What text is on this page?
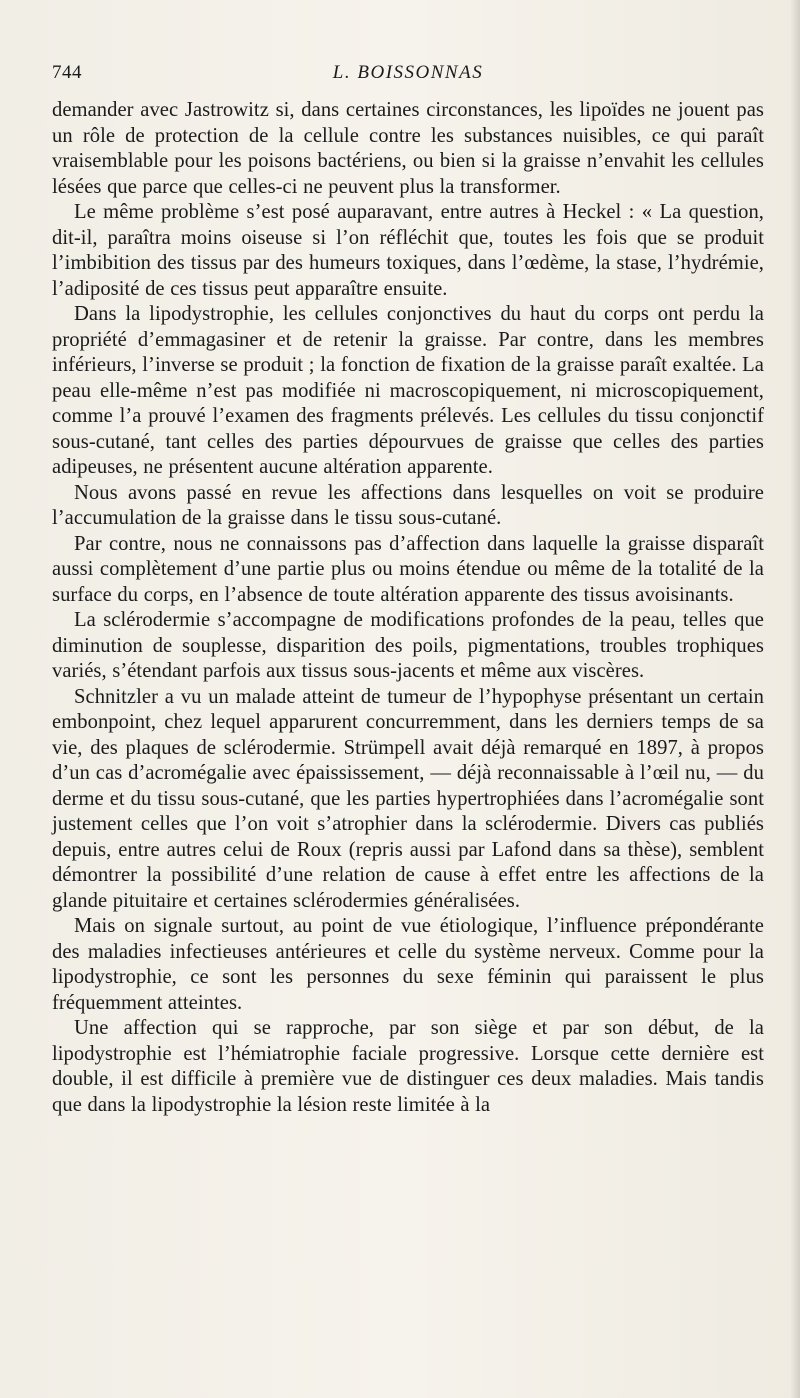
744	L. BOISSONNAS

demander avec Jastrowitz si, dans certaines circonstances, les lipoïdes ne jouent pas un rôle de protection de la cellule contre les substances nuisibles, ce qui paraît vraisemblable pour les poisons bactériens, ou bien si la graisse n’envahit les cellules lésées que parce que celles-ci ne peuvent plus la transformer.

Le même problème s’est posé auparavant, entre autres à Heckel : « La question, dit-il, paraîtra moins oiseuse si l’on réfléchit que, toutes les fois que se produit l’imbibition des tissus par des humeurs toxiques, dans l’œdème, la stase, l’hydrémie, l’adiposité de ces tissus peut apparaître ensuite.

Dans la lipodystrophie, les cellules conjonctives du haut du corps ont perdu la propriété d’emmagasiner et de retenir la graisse. Par contre, dans les membres inférieurs, l’inverse se produit ; la fonction de fixation de la graisse paraît exaltée. La peau elle-même n’est pas modifiée ni macroscopiquement, ni microscopiquement, comme l’a prouvé l’examen des fragments prélevés. Les cellules du tissu conjonctif sous-cutané, tant celles des parties dépourvues de graisse que celles des parties adipeuses, ne présentent aucune altération apparente.

Nous avons passé en revue les affections dans lesquelles on voit se produire l’accumulation de la graisse dans le tissu sous-cutané.

Par contre, nous ne connaissons pas d’affection dans laquelle la graisse disparaît aussi complètement d’une partie plus ou moins étendue ou même de la totalité de la surface du corps, en l’absence de toute altération apparente des tissus avoisinants.

La sclérodermie s’accompagne de modifications profondes de la peau, telles que diminution de souplesse, disparition des poils, pigmentations, troubles trophiques variés, s’étendant parfois aux tissus sous-jacents et même aux viscères.

Schnitzler a vu un malade atteint de tumeur de l’hypophyse présentant un certain embonpoint, chez lequel apparurent concurremment, dans les derniers temps de sa vie, des plaques de sclérodermie. Strümpell avait déjà remarqué en 1897, à propos d’un cas d’acromégalie avec épaississement, — déjà reconnaissable à l’œil nu, — du derme et du tissu sous-cutané, que les parties hypertrophiées dans l’acromégalie sont justement celles que l’on voit s’atrophier dans la sclérodermie. Divers cas publiés depuis, entre autres celui de Roux (repris aussi par Lafond dans sa thèse), semblent démontrer la possibilité d’une relation de cause à effet entre les affections de la glande pituitaire et certaines sclérodermies généralisées.

Mais on signale surtout, au point de vue étiologique, l’influence prépondérante des maladies infectieuses antérieures et celle du système nerveux. Comme pour la lipodystrophie, ce sont les personnes du sexe féminin qui paraissent le plus fréquemment atteintes.

Une affection qui se rapproche, par son siège et par son début, de la lipodystrophie est l’hémiatrophie faciale progressive. Lorsque cette dernière est double, il est difficile à première vue de distinguer ces deux maladies. Mais tandis que dans la lipodystrophie la lésion reste limitée à la
